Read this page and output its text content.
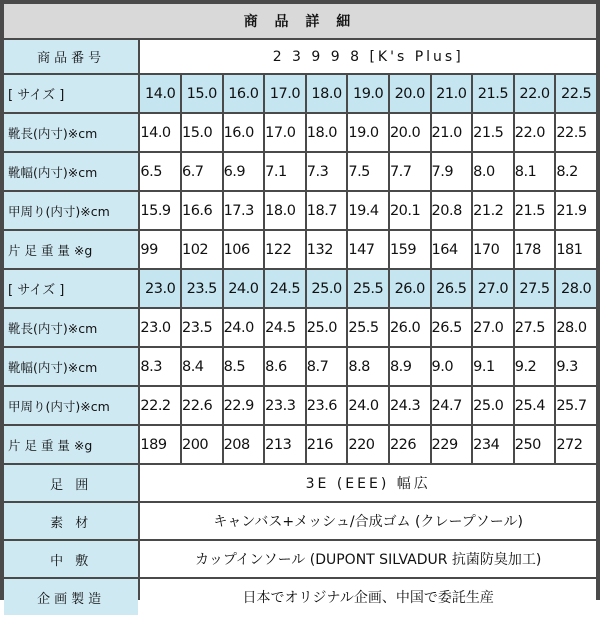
商 品 詳 細											
商品番号	2 3 9 9 8 [K's Plus]										
[ サイズ ]	14.0	15.0	16.0	17.0	18.0	19.0	20.0	21.0	21.5	22.0	22.5
靴長(内寸)※cm	14.0	15.0	16.0	17.0	18.0	19.0	20.0	21.0	21.5	22.0	22.5
靴幅(内寸)※cm	6.5	6.7	6.9	7.1	7.3	7.5	7.7	7.9	8.0	8.1	8.2
甲周り(内寸)※cm	15.9	16.6	17.3	18.0	18.7	19.4	20.1	20.8	21.2	21.5	21.9
片 足 重 量 ※g	99	102	106	122	132	147	159	164	170	178	181
[ サイズ ]	23.0	23.5	24.0	24.5	25.0	25.5	26.0	26.5	27.0	27.5	28.0
靴長(内寸)※cm	23.0	23.5	24.0	24.5	25.0	25.5	26.0	26.5	27.0	27.5	28.0
靴幅(内寸)※cm	8.3	8.4	8.5	8.6	8.7	8.8	8.9	9.0	9.1	9.2	9.3
甲周り(内寸)※cm	22.2	22.6	22.9	23.3	23.6	24.0	24.3	24.7	25.0	25.4	25.7
片 足 重 量 ※g	189	200	208	213	216	220	226	229	234	250	272
足 囲	3E (EEE) 幅広										
素 材	キャンバス+メッシュ/合成ゴム (クレープソール)										
中 敷	カップインソール (DUPONT SILVADUR 抗菌防臭加工)										
企画製造	日本でオリジナル企画、中国で委託生産										
